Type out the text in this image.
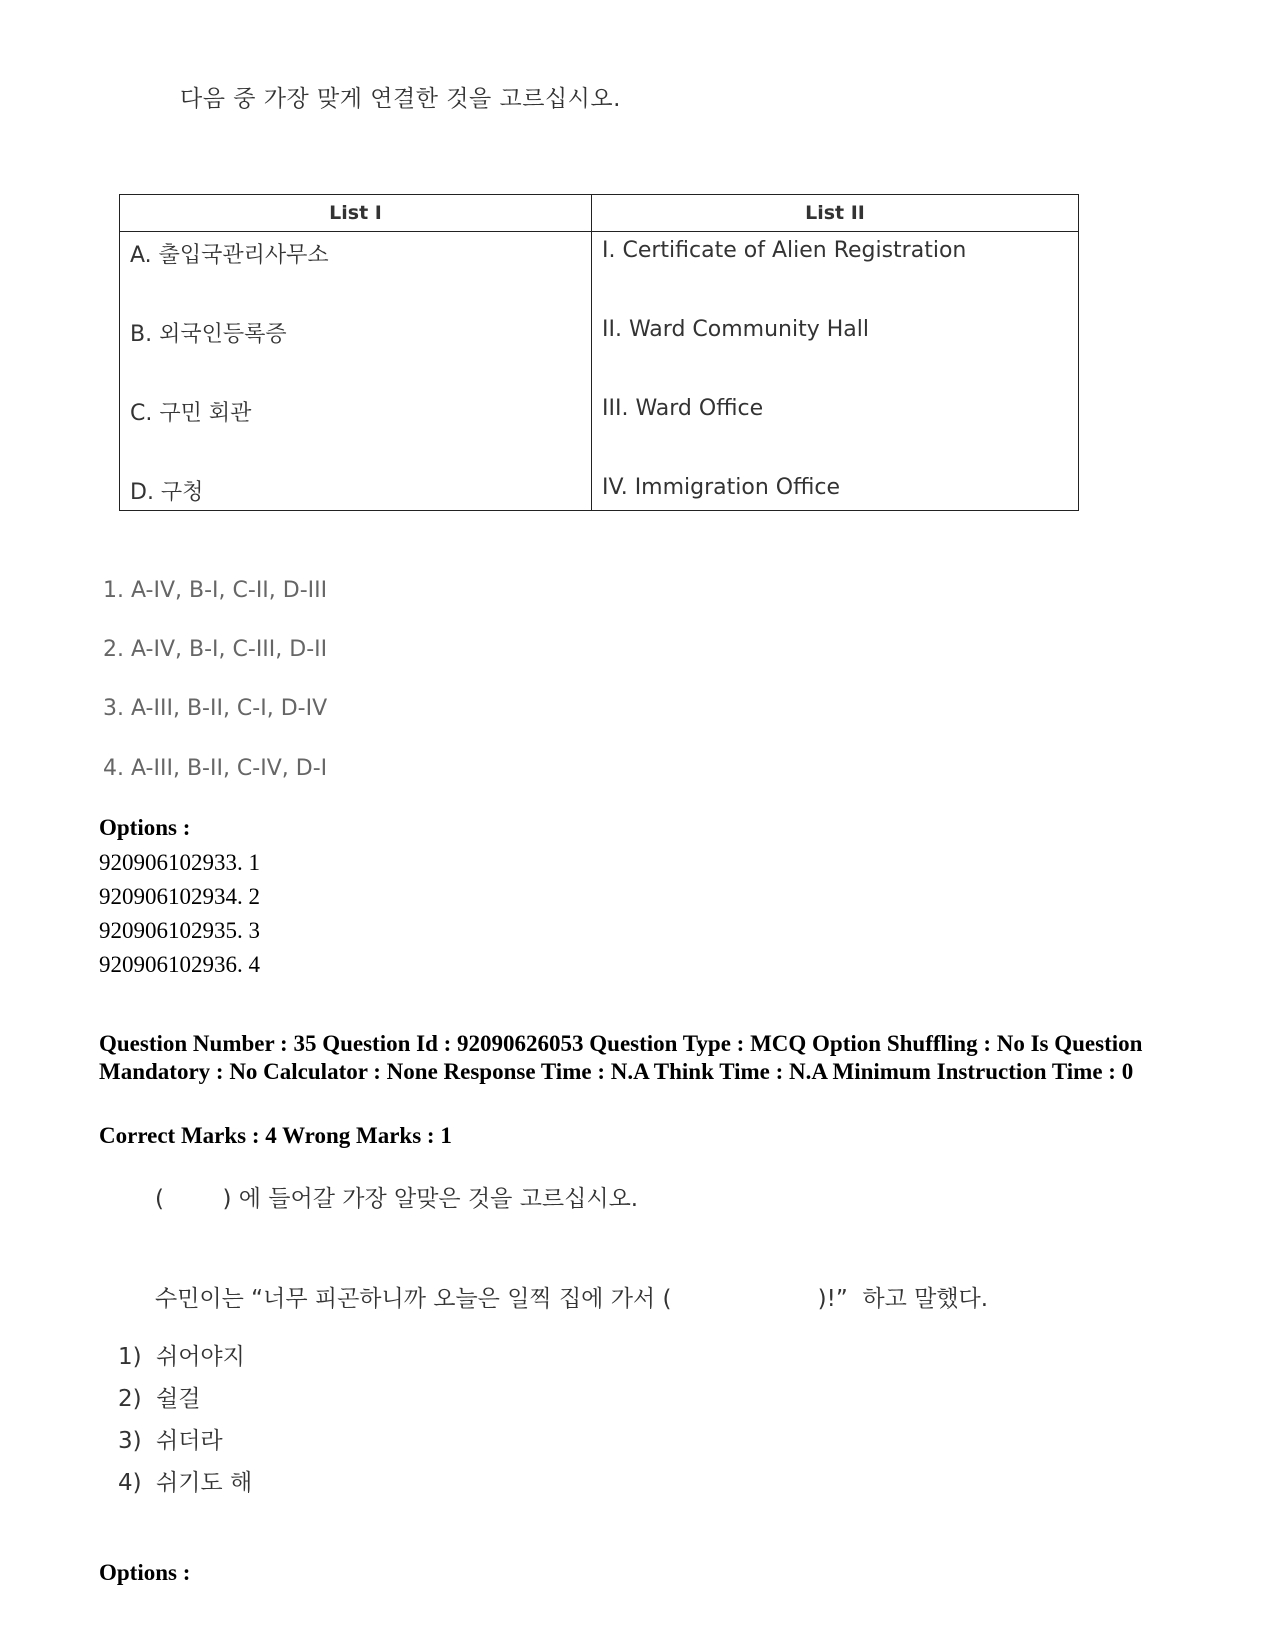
다음 중 가장 맞게 연결한 것을 고르십시오.
List I	List II
A. 출입국관리사무소	I. Certificate of Alien Registration
B. 외국인등록증	II. Ward Community Hall
C. 구민 회관	III. Ward Office
D. 구청	IV. Immigration Office
1. A-IV, B-I, C-II, D-III
2. A-IV, B-I, C-III, D-II
3. A-III, B-II, C-I, D-IV
4. A-III, B-II, C-IV, D-I
Options :
920906102933. 1
920906102934. 2
920906102935. 3
920906102936. 4
Question Number : 35 Question Id : 92090626053 Question Type : MCQ Option Shuffling : No Is Question Mandatory : No Calculator : None Response Time : N.A Think Time : N.A Minimum Instruction Time : 0
Correct Marks : 4 Wrong Marks : 1
(        ) 에 들어갈 가장 알맞은 것을 고르십시오.
수민이는 “너무 피곤하니까 오늘은 일찍 집에 가서 (                    )!”  하고 말했다.
1) 쉬어야지
2) 쉴걸
3) 쉬더라
4) 쉬기도 해
Options :
